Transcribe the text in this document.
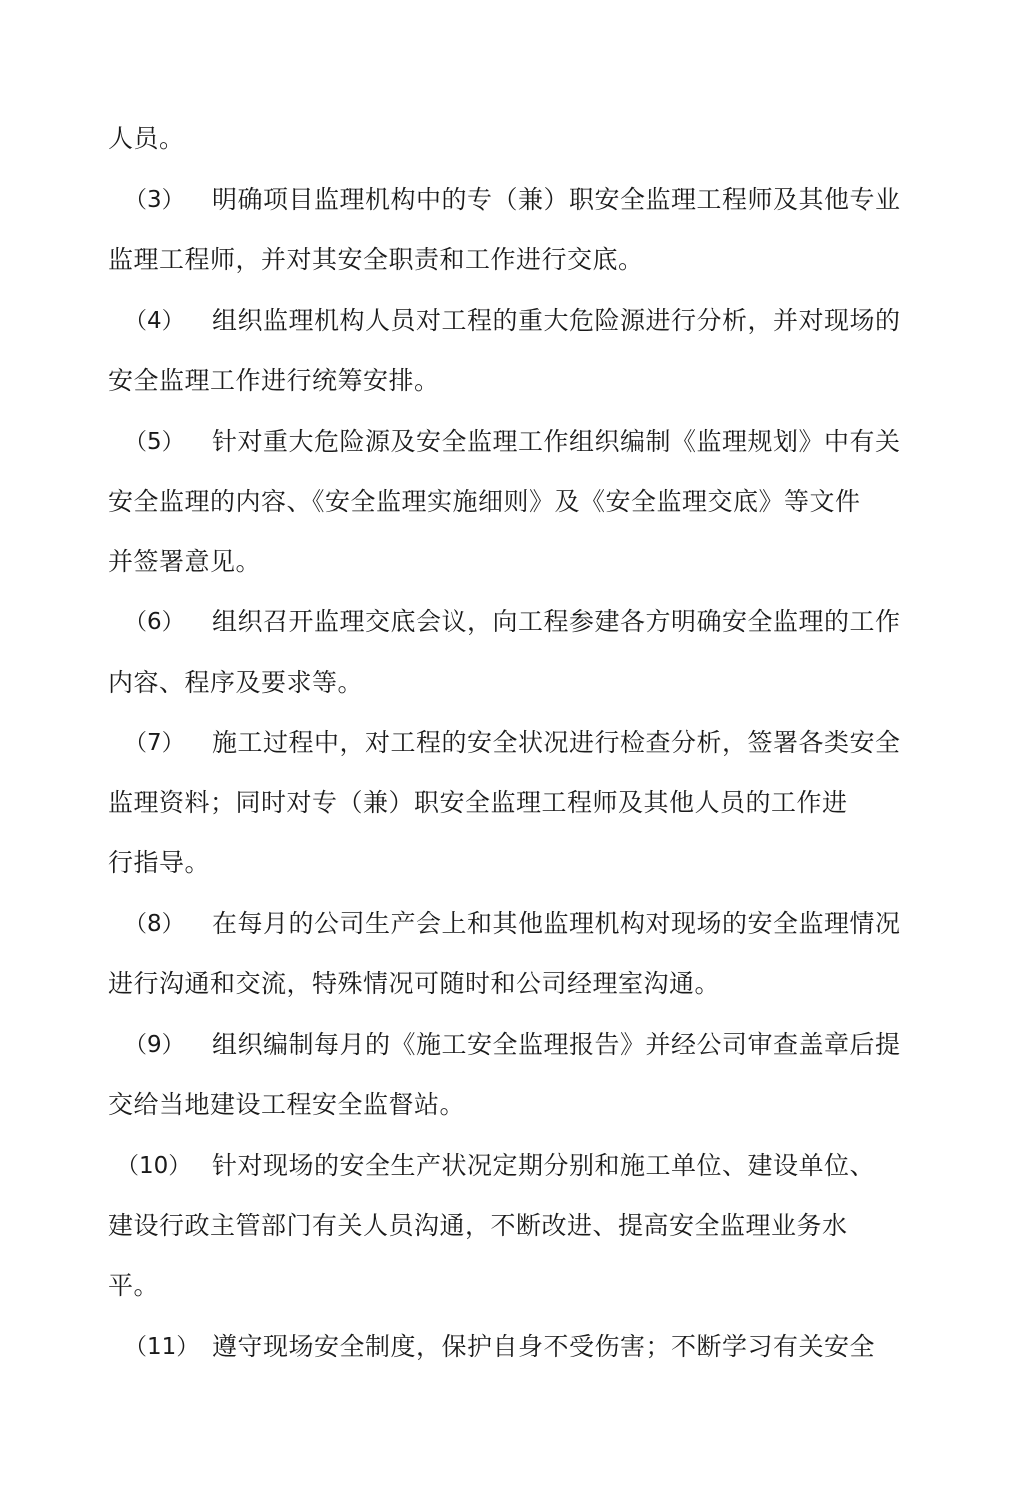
人员。
（3） 明确项目监理机构中的专（兼）职安全监理工程师及其他专业
监理工程师，并对其安全职责和工作进行交底。
（4） 组织监理机构人员对工程的重大危险源进行分析，并对现场的
安全监理工作进行统筹安排。
（5） 针对重大危险源及安全监理工作组织编制《监理规划》中有关
安全监理的内容、《安全监理实施细则》及《安全监理交底》等文件
并签署意见。
（6） 组织召开监理交底会议，向工程参建各方明确安全监理的工作
内容、程序及要求等。
（7） 施工过程中，对工程的安全状况进行检查分析，签署各类安全
监理资料；同时对专（兼）职安全监理工程师及其他人员的工作进
行指导。
（8） 在每月的公司生产会上和其他监理机构对现场的安全监理情况
进行沟通和交流，特殊情况可随时和公司经理室沟通。
（9） 组织编制每月的《施工安全监理报告》并经公司审查盖章后提
交给当地建设工程安全监督站。
（10） 针对现场的安全生产状况定期分别和施工单位、建设单位、
建设行政主管部门有关人员沟通，不断改进、提高安全监理业务水
平。
（11） 遵守现场安全制度，保护自身不受伤害；不断学习有关安全
